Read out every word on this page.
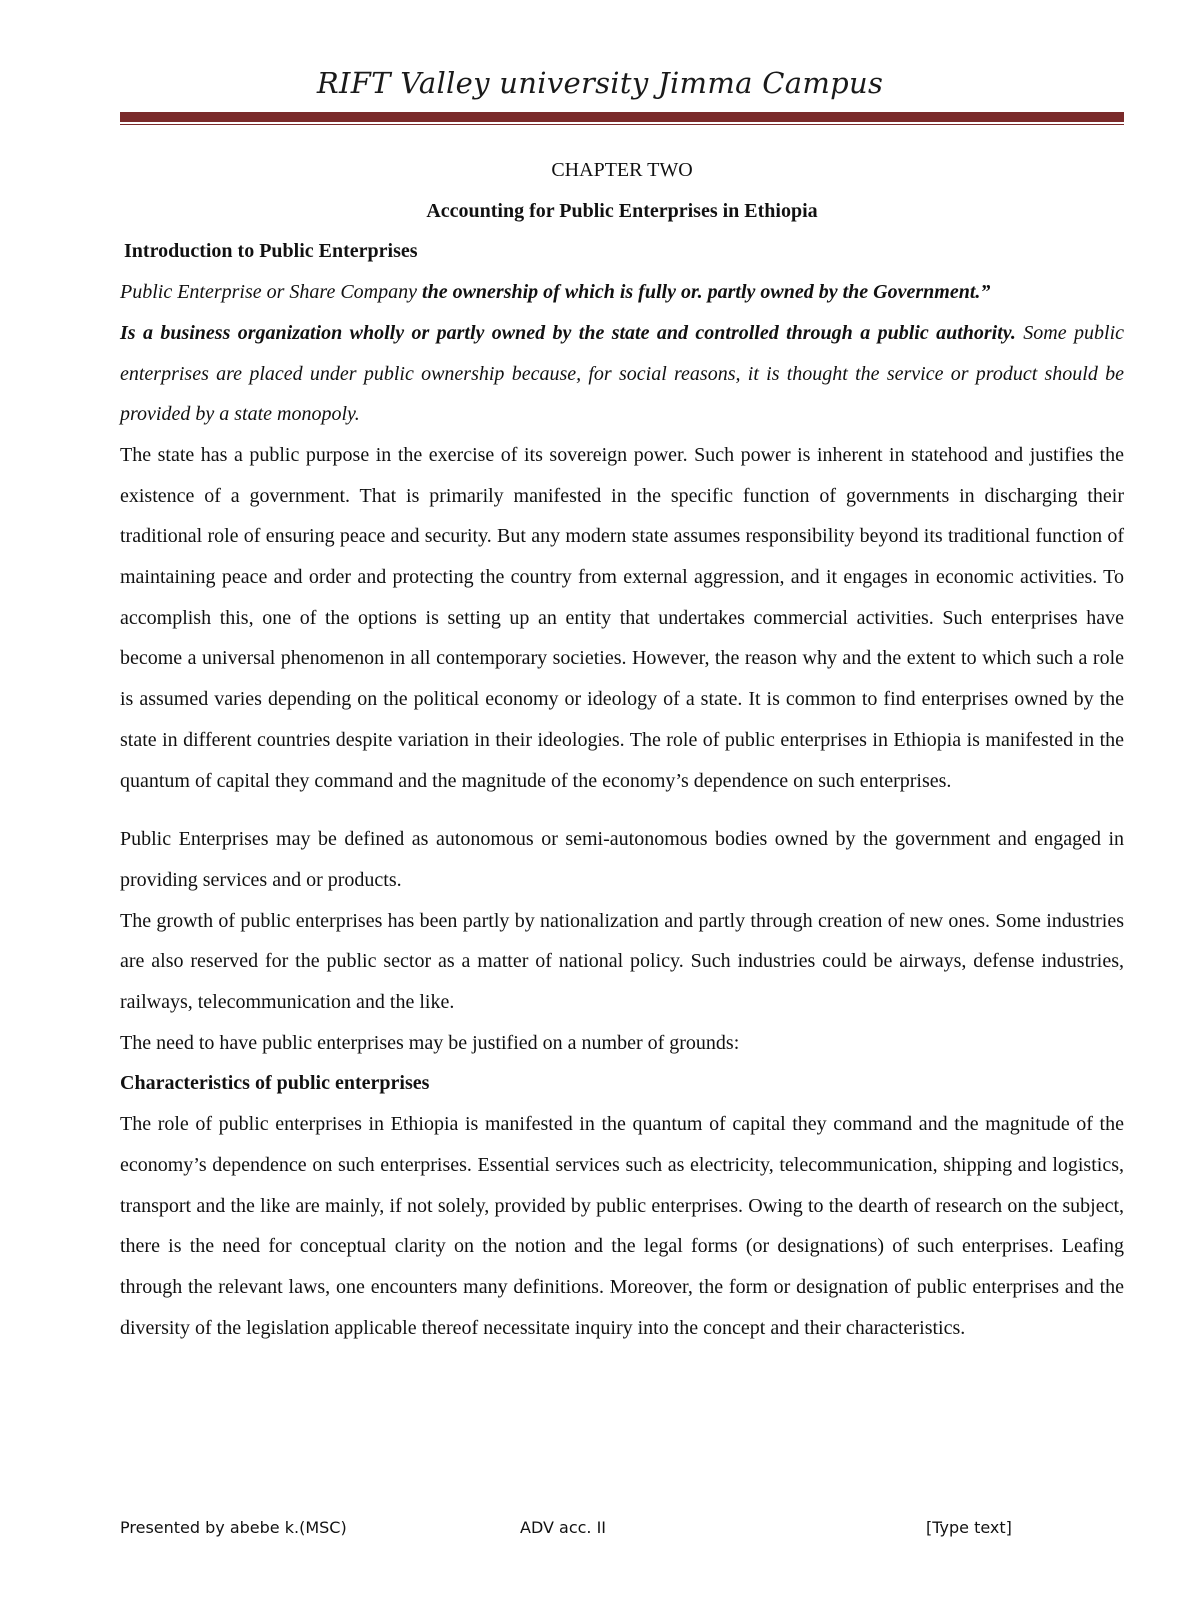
RIFT Valley university Jimma Campus

CHAPTER TWO

Accounting for Public Enterprises in Ethiopia

Introduction to Public Enterprises

Public Enterprise or Share Company the ownership of which is fully or. partly owned by the Government.”

Is a business organization wholly or partly owned by the state and controlled through a public authority. Some public enterprises are placed under public ownership because, for social reasons, it is thought the service or product should be provided by a state monopoly.

The state has a public purpose in the exercise of its sovereign power. Such power is inherent in statehood and justifies the existence of a government. That is primarily manifested in the specific function of governments in discharging their traditional role of ensuring peace and security. But any modern state assumes responsibility beyond its traditional function of maintaining peace and order and protecting the country from external aggression, and it engages in economic activities. To accomplish this, one of the options is setting up an entity that undertakes commercial activities. Such enterprises have become a universal phenomenon in all contemporary societies. However, the reason why and the extent to which such a role is assumed varies depending on the political economy or ideology of a state. It is common to find enterprises owned by the state in different countries despite variation in their ideologies. The role of public enterprises in Ethiopia is manifested in the quantum of capital they command and the magnitude of the economy’s dependence on such enterprises.

Public Enterprises may be defined as autonomous or semi-autonomous bodies owned by the government and engaged in providing services and or products.

The growth of public enterprises has been partly by nationalization and partly through creation of new ones. Some industries are also reserved for the public sector as a matter of national policy. Such industries could be airways, defense industries, railways, telecommunication and the like.

The need to have public enterprises may be justified on a number of grounds:

Characteristics of public enterprises

The role of public enterprises in Ethiopia is manifested in the quantum of capital they command and the magnitude of the economy’s dependence on such enterprises. Essential services such as electricity, telecommunication, shipping and logistics, transport and the like are mainly, if not solely, provided by public enterprises. Owing to the dearth of research on the subject, there is the need for conceptual clarity on the notion and the legal forms (or designations) of such enterprises. Leafing through the relevant laws, one encounters many definitions. Moreover, the form or designation of public enterprises and the diversity of the legislation applicable thereof necessitate inquiry into the concept and their characteristics.

Presented by abebe k.(MSC)	ADV acc. II	[Type text]
